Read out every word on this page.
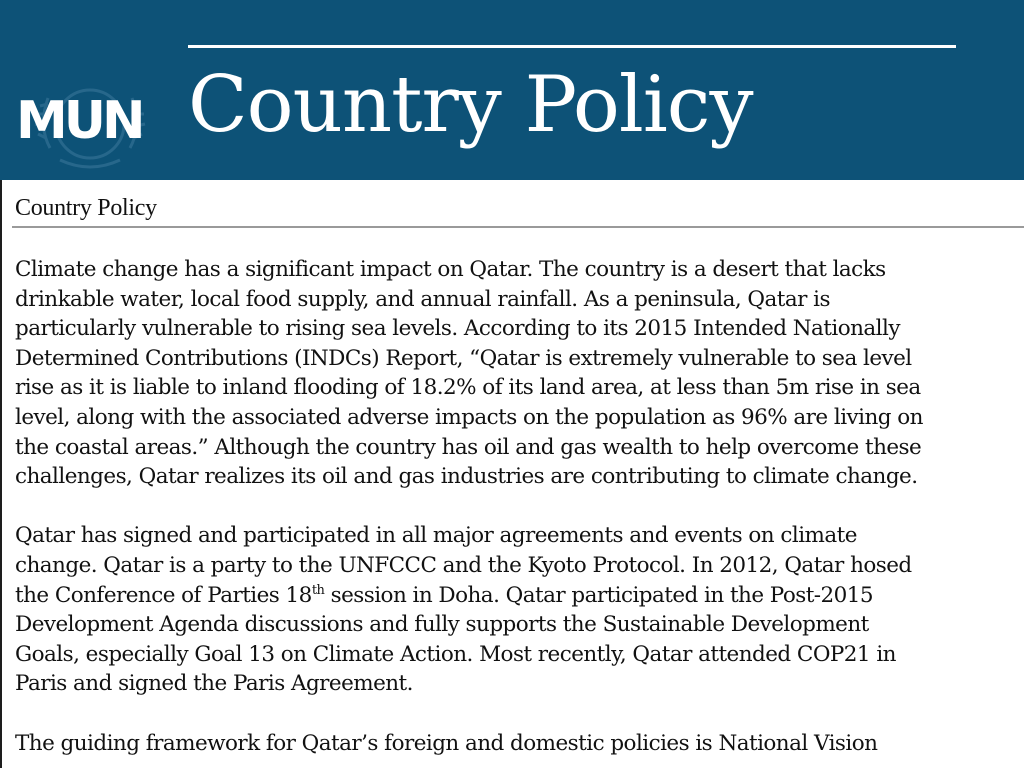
MUN Country Policy
Country Policy

Climate change has a significant impact on Qatar. The country is a desert that lacks
drinkable water, local food supply, and annual rainfall. As a peninsula, Qatar is
particularly vulnerable to rising sea levels. According to its 2015 Intended Nationally
Determined Contributions (INDCs) Report, “Qatar is extremely vulnerable to sea level
rise as it is liable to inland flooding of 18.2% of its land area, at less than 5m rise in sea
level, along with the associated adverse impacts on the population as 96% are living on
the coastal areas.” Although the country has oil and gas wealth to help overcome these
challenges, Qatar realizes its oil and gas industries are contributing to climate change.

Qatar has signed and participated in all major agreements and events on climate
change. Qatar is a party to the UNFCCC and the Kyoto Protocol. In 2012, Qatar hosed
the Conference of Parties 18th session in Doha. Qatar participated in the Post-2015
Development Agenda discussions and fully supports the Sustainable Development
Goals, especially Goal 13 on Climate Action. Most recently, Qatar attended COP21 in
Paris and signed the Paris Agreement.

The guiding framework for Qatar’s foreign and domestic policies is National Vision
